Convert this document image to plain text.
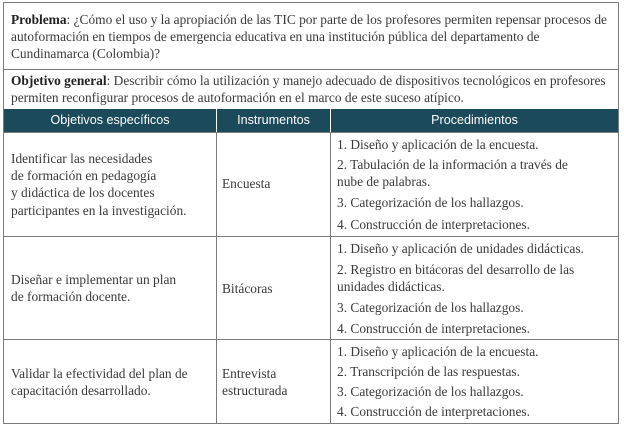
Problema: ¿Cómo el uso y la apropiación de las TIC por parte de los profesores permiten repensar procesos de autoformación en tiempos de emergencia educativa en una institución pública del departamento de Cundinamarca (Colombia)?
Objetivo general: Describir cómo la utilización y manejo adecuado de dispositivos tecnológicos en profesores permiten reconfigurar procesos de autoformación en el marco de este suceso atípico.
Objetivos específicos	Instrumentos	Procedimientos
Identificar las necesidades
de formación en pedagogía
y didáctica de los docentes
participantes en la investigación.
Encuesta
1. Diseño y aplicación de la encuesta.
2. Tabulación de la información a través de
nube de palabras.
3. Categorización de los hallazgos.
4. Construcción de interpretaciones.
Diseñar e implementar un plan
de formación docente.
Bitácoras
1. Diseño y aplicación de unidades didácticas.
2. Registro en bitácoras del desarrollo de las
unidades didácticas.
3. Categorización de los hallazgos.
4. Construcción de interpretaciones.
Validar la efectividad del plan de
capacitación desarrollado.
Entrevista
estructurada
1. Diseño y aplicación de la encuesta.
2. Transcripción de las respuestas.
3. Categorización de los hallazgos.
4. Construcción de interpretaciones.
